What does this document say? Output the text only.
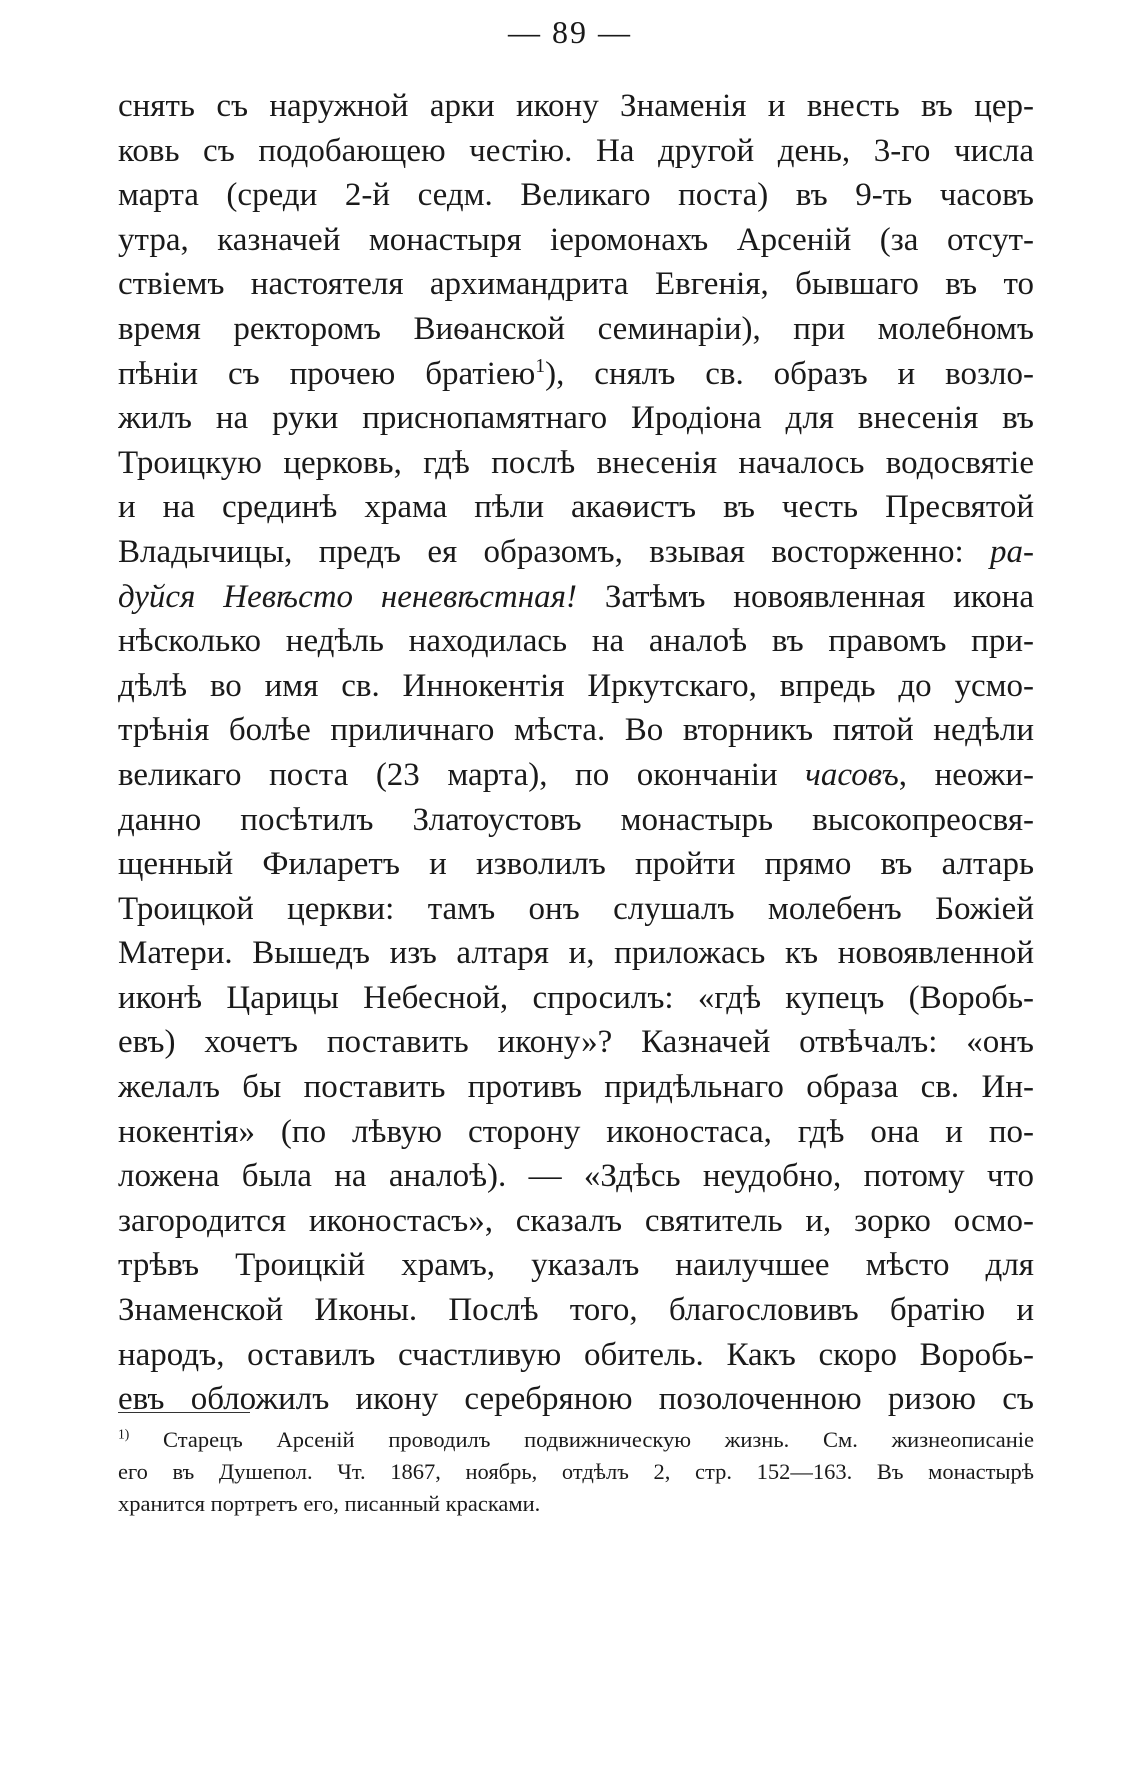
— 89 —
снять съ наружной арки икону Знаменія и внесть въ цер-
ковь съ подобающею честію. На другой день, 3-го числа
марта (среди 2-й седм. Великаго поста) въ 9-ть часовъ
утра, казначей монастыря іеромонахъ Арсеній (за отсут-
ствіемъ настоятеля архимандрита Евгенія, бывшаго въ то
время ректоромъ Виѳанской семинаріи), при молебномъ
пѣніи съ прочею братіею$^1$), снялъ св. образъ и возло-
жилъ на руки приснопамятнаго Иродіона для внесенія въ
Троицкую церковь, гдѣ послѣ внесенія началось водосвятіе
и на срединѣ храма пѣли акаѳистъ въ честь Пресвятой
Владычицы, предъ ея образомъ, взывая восторженно: ра-
дуйся Невѣсто неневѣстная! Затѣмъ новоявленная икона
нѣсколько недѣль находилась на аналоѣ въ правомъ при-
дѣлѣ во имя св. Иннокентія Иркутскаго, впредь до усмо-
трѣнія болѣе приличнаго мѣста. Во вторникъ пятой недѣли
великаго поста (23 марта), по окончаніи часовъ, неожи-
данно посѣтилъ Златоустовъ монастырь высокопреосвя-
щенный Филаретъ и изволилъ пройти прямо въ алтарь
Троицкой церкви: тамъ онъ слушалъ молебенъ Божіей
Матери. Вышедъ изъ алтаря и, приложась къ новоявленной
иконѣ Царицы Небесной, спросилъ: «гдѣ купецъ (Воробь-
евъ) хочетъ поставить икону»? Казначей отвѣчалъ: «онъ
желалъ бы поставить противъ придѣльнаго образа св. Ин-
нокентія» (по лѣвую сторону иконостаса, гдѣ она и по-
ложена была на аналоѣ). — «Здѣсь неудобно, потому что
загородится иконостасъ», сказалъ святитель и, зорко осмо-
трѣвъ Троицкій храмъ, указалъ наилучшее мѣсто для
Знаменской Иконы. Послѣ того, благословивъ братію и
народъ, оставилъ счастливую обитель. Какъ скоро Воробь-
евъ обложилъ икону серебряною позолоченною ризою съ
$^{1)}$ Старецъ Арсеній проводилъ подвижническую жизнь. См. жизнеописаніе
его въ Душепол. Чт. 1867, ноябрь, отдѣлъ 2, стр. 152—163. Въ монастырѣ
хранится портретъ его, писанный красками.
